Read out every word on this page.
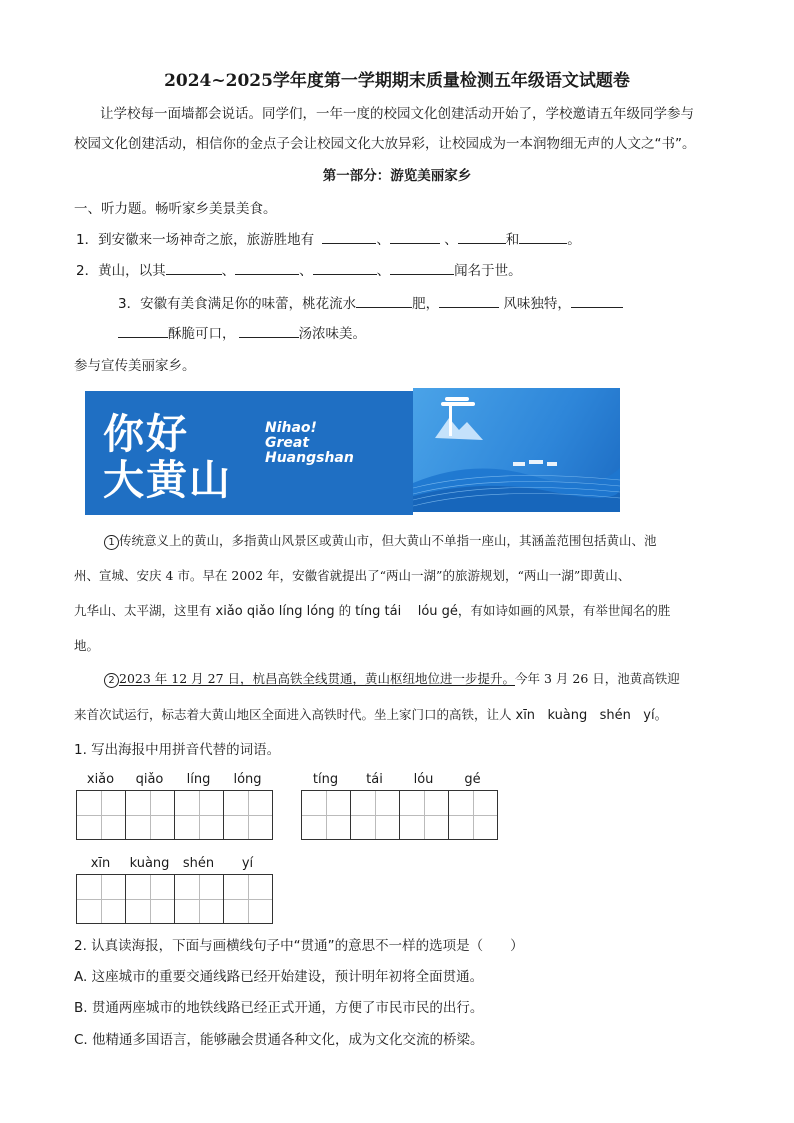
2024~2025学年度第一学期期末质量检测五年级语文试题卷
让学校每一面墙都会说话。同学们，一年一度的校园文化创建活动开始了，学校邀请五年级同学参与
校园文化创建活动，相信你的金点子会让校园文化大放异彩，让校园成为一本润物细无声的人文之“书”。
第一部分：游览美丽家乡
一、听力题。畅听家乡美景美食。
1．到安徽来一场神奇之旅，旅游胜地有	、	、	和	。
2．黄山，以其	、	、	、	闻名于世。
3．安徽有美食满足你的味蕾，桃花流水	肥，	风味独特，
酥脆可口，	汤浓味美。
参与宣传美丽家乡。
你好
大黄山
Nihao!
Great
Huangshan
1 传统意义上的黄山，多指黄山风景区或黄山市，但大黄山不单指一座山，其涵盖范围包括黄山、池
州、宣城、安庆 4 市。早在 2002 年，安徽省就提出了“两山一湖”的旅游规划，“两山一湖”即黄山、
九华山、太平湖，这里有 xiǎo qiǎo líng lóng 的 tíng tái    lóu gé，有如诗如画的风景，有举世闻名的胜
地。
2 2023 年 12 月 27 日，杭昌高铁全线贯通，黄山枢纽地位进一步提升。今年 3 月 26 日，池黄高铁迎
来首次试运行，标志着大黄山地区全面进入高铁时代。坐上家门口的高铁，让人 xīn   kuàng   shén   yí。
1. 写出海报中用拼音代替的词语。
xiǎo	qiǎo	líng	lóng	tíng	tái	lóu	gé
xīn	kuàng	shén	yí
2. 认真读海报，下面与画横线句子中“贯通”的意思不一样的选项是（　　）
A. 这座城市的重要交通线路已经开始建设，预计明年初将全面贯通。
B. 贯通两座城市的地铁线路已经正式开通，方便了市民市民的出行。
C. 他精通多国语言，能够融会贯通各种文化，成为文化交流的桥梁。
